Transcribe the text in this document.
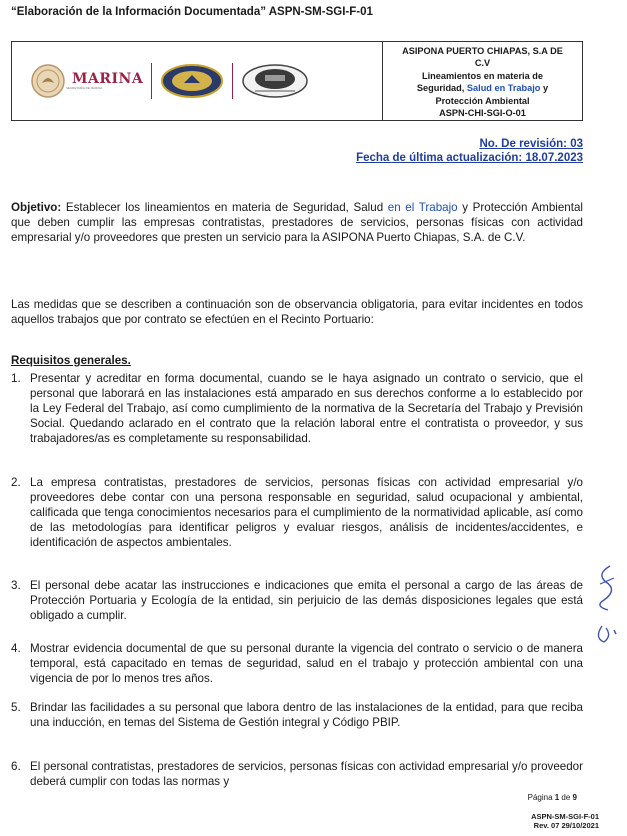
“Elaboración de la Información Documentada” ASPN-SM-SGI-F-01
MARINA
SECRETARÍA DE MARINA
ASIPONA PUERTO CHIAPAS, S.A DE
C.V
Lineamientos en materia de
Seguridad, Salud en Trabajo y
Protección Ambiental
ASPN-CHI-SGI-O-01
No. De revisión: 03
Fecha de última actualización: 18.07.2023
Objetivo: Establecer los lineamientos en materia de Seguridad, Salud en el Trabajo y Protección Ambiental que deben cumplir las empresas contratistas, prestadores de servicios, personas físicas con actividad empresarial y/o proveedores que presten un servicio para la ASIPONA Puerto Chiapas, S.A. de C.V.
Las medidas que se describen a continuación son de observancia obligatoria, para evitar incidentes en todos aquellos trabajos que por contrato se efectúen en el Recinto Portuario:
Requisitos generales.
1. Presentar y acreditar en forma documental, cuando se le haya asignado un contrato o servicio, que el personal que laborará en las instalaciones está amparado en sus derechos conforme a lo establecido por la Ley Federal del Trabajo, así como cumplimiento de la normativa de la Secretaría del Trabajo y Previsión Social. Quedando aclarado en el contrato que la relación laboral entre el contratista o proveedor, y sus trabajadores/as es completamente su responsabilidad.
2. La empresa contratistas, prestadores de servicios, personas físicas con actividad empresarial y/o proveedores debe contar con una persona responsable en seguridad, salud ocupacional y ambiental, calificada que tenga conocimientos necesarios para el cumplimiento de la normatividad aplicable, así como de las metodologías para identificar peligros y evaluar riesgos, análisis de incidentes/accidentes, e identificación de aspectos ambientales.
3. El personal debe acatar las instrucciones e indicaciones que emita el personal a cargo de las áreas de Protección Portuaria y Ecología de la entidad, sin perjuicio de las demás disposiciones legales que está obligado a cumplir.
4. Mostrar evidencia documental de que su personal durante la vigencia del contrato o servicio o de manera temporal, está capacitado en temas de seguridad, salud en el trabajo y protección ambiental con una vigencia de por lo menos tres años.
5. Brindar las facilidades a su personal que labora dentro de las instalaciones de la entidad, para que reciba una inducción, en temas del Sistema de Gestión integral y Código PBIP.
6. El personal contratistas, prestadores de servicios, personas físicas con actividad empresarial y/o proveedor deberá cumplir con todas las normas y
Página 1 de 9
ASPN-SM-SGI-F-01
Rev. 07 29/10/2021
